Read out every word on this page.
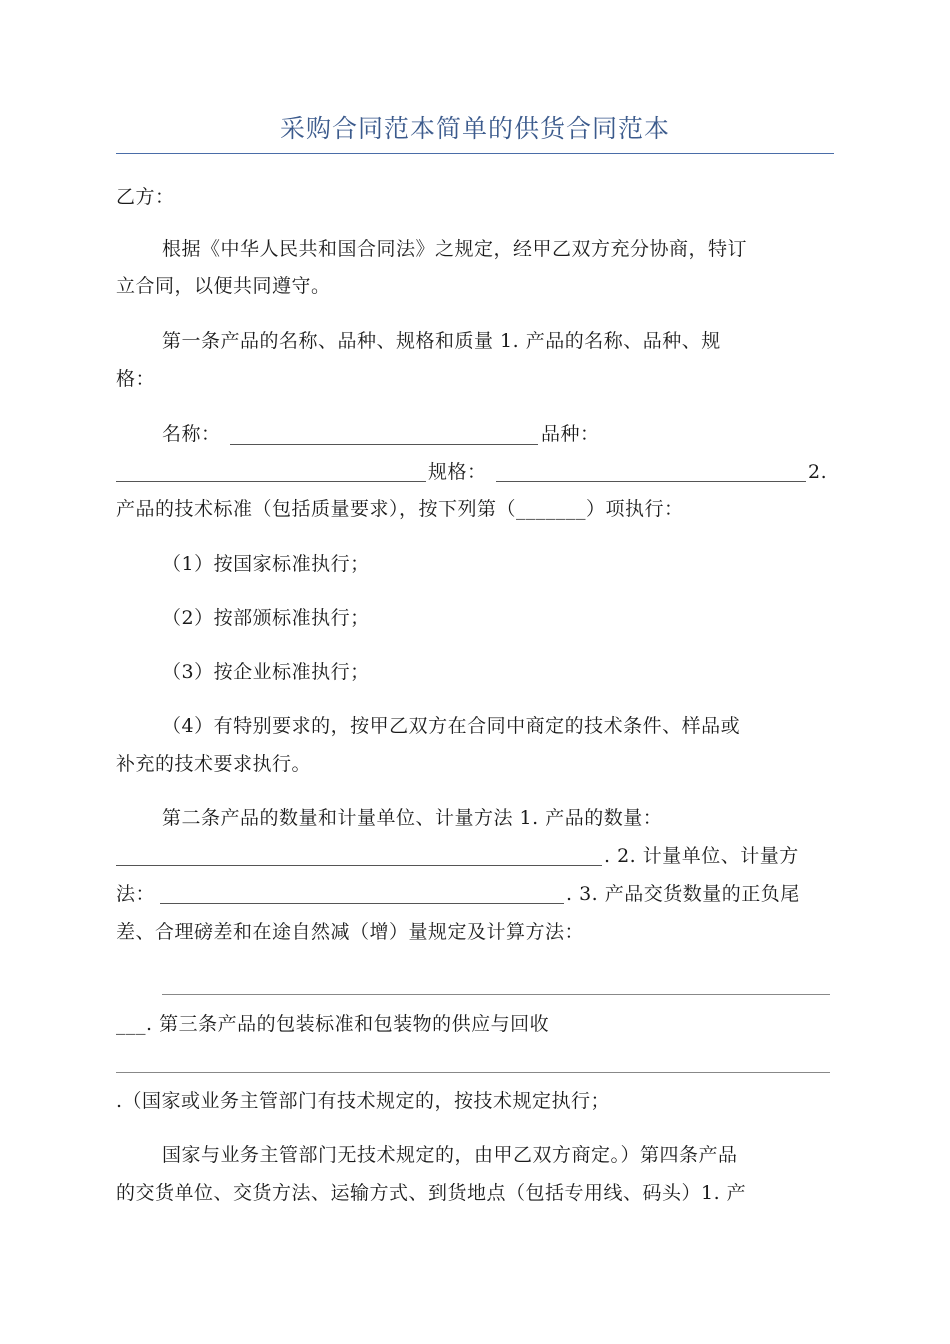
采购合同范本简单的供货合同范本
乙方：
根据《中华人民共和国合同法》之规定，经甲乙双方充分协商，特订
立合同，以便共同遵守。
第一条产品的名称、品种、规格和质量 1. 产品的名称、品种、规
格：
名称：	品种：
规格：	2.
产品的技术标准（包括质量要求），按下列第（_______）项执行：
（1）按国家标准执行；
（2）按部颁标准执行；
（3）按企业标准执行；
（4）有特别要求的，按甲乙双方在合同中商定的技术条件、样品或
补充的技术要求执行。
第二条产品的数量和计量单位、计量方法 1. 产品的数量：
. 2. 计量单位、计量方
法：	. 3. 产品交货数量的正负尾
差、合理磅差和在途自然减（增）量规定及计算方法：
___. 第三条产品的包装标准和包装物的供应与回收
.（国家或业务主管部门有技术规定的，按技术规定执行；
国家与业务主管部门无技术规定的，由甲乙双方商定。）第四条产品
的交货单位、交货方法、运输方式、到货地点（包括专用线、码头）1. 产
